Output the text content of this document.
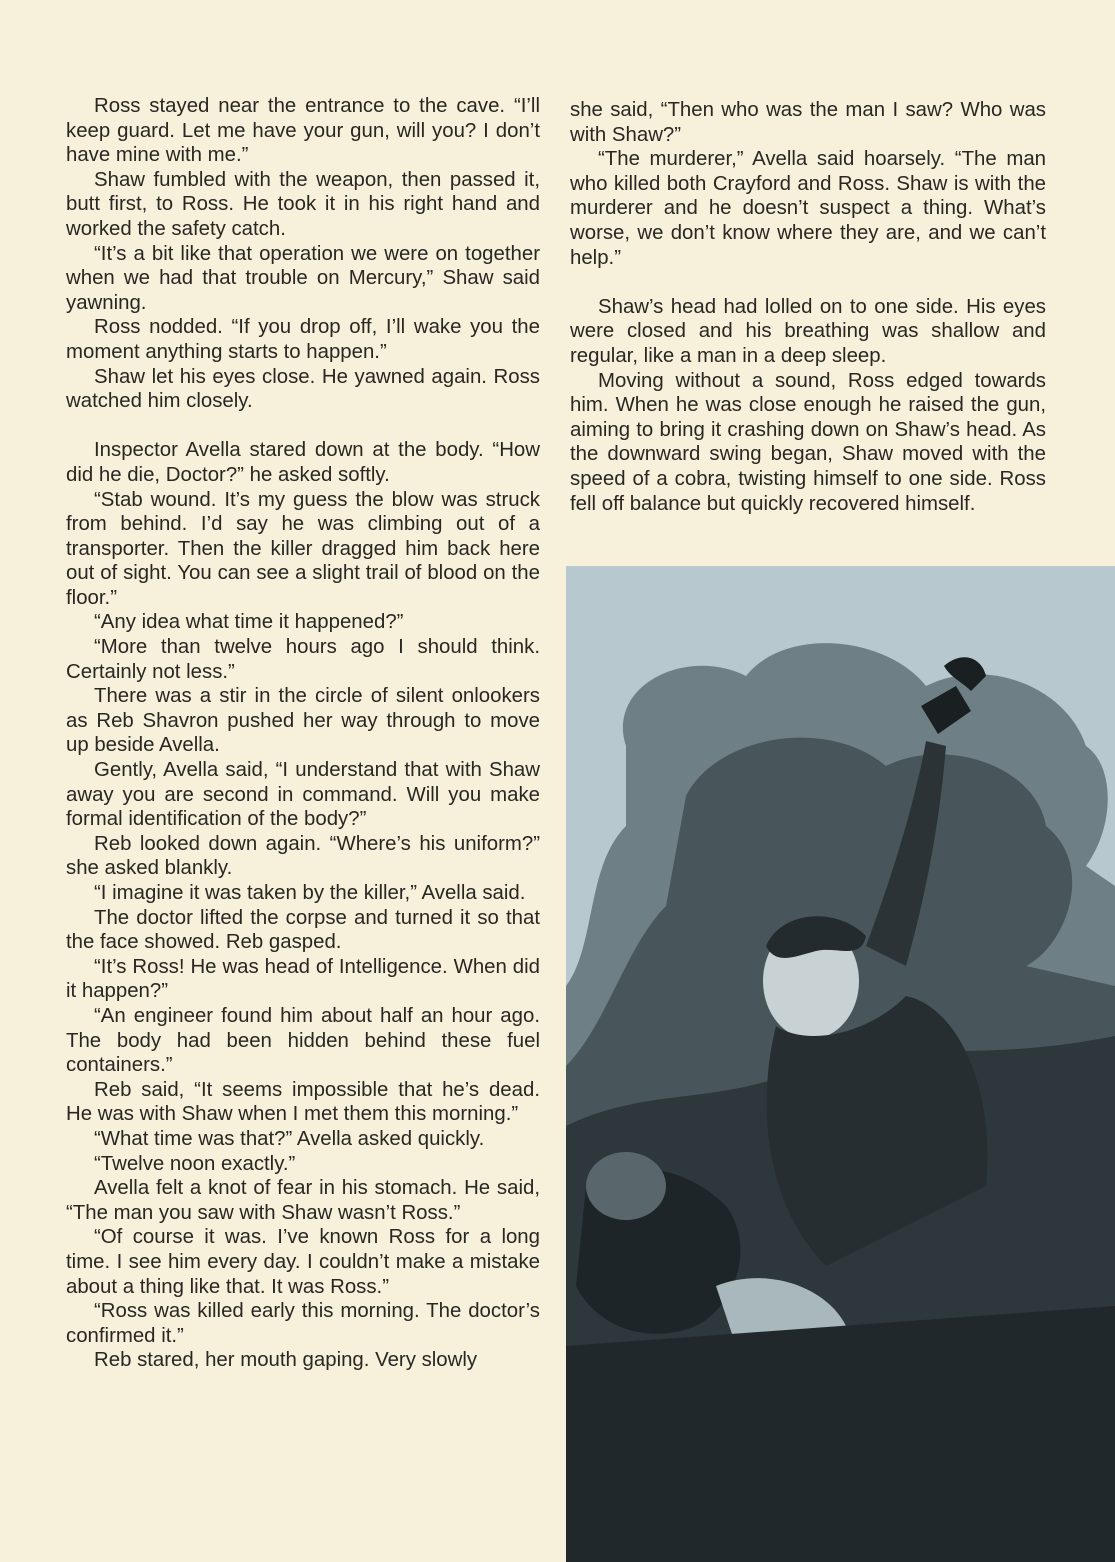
Ross stayed near the entrance to the cave. “I’ll keep guard. Let me have your gun, will you? I don’t have mine with me.”

Shaw fumbled with the weapon, then passed it, butt first, to Ross. He took it in his right hand and worked the safety catch.

“It’s a bit like that operation we were on together when we had that trouble on Mercury,” Shaw said yawning.

Ross nodded. “If you drop off, I’ll wake you the moment anything starts to happen.”

Shaw let his eyes close. He yawned again. Ross watched him closely.

Inspector Avella stared down at the body. “How did he die, Doctor?” he asked softly.

“Stab wound. It’s my guess the blow was struck from behind. I’d say he was climbing out of a transporter. Then the killer dragged him back here out of sight. You can see a slight trail of blood on the floor.”

“Any idea what time it happened?”

“More than twelve hours ago I should think. Certainly not less.”

There was a stir in the circle of silent onlookers as Reb Shavron pushed her way through to move up beside Avella.

Gently, Avella said, “I understand that with Shaw away you are second in command. Will you make formal identification of the body?”

Reb looked down again. “Where’s his uniform?” she asked blankly.

“I imagine it was taken by the killer,” Avella said.

The doctor lifted the corpse and turned it so that the face showed. Reb gasped.

“It’s Ross! He was head of Intelligence. When did it happen?”

“An engineer found him about half an hour ago. The body had been hidden behind these fuel containers.”

Reb said, “It seems impossible that he’s dead. He was with Shaw when I met them this morning.”

“What time was that?” Avella asked quickly.

“Twelve noon exactly.”

Avella felt a knot of fear in his stomach. He said, “The man you saw with Shaw wasn’t Ross.”

“Of course it was. I’ve known Ross for a long time. I see him every day. I couldn’t make a mistake about a thing like that. It was Ross.”

“Ross was killed early this morning. The doctor’s confirmed it.”

Reb stared, her mouth gaping. Very slowly

she said, “Then who was the man I saw? Who was with Shaw?”

“The murderer,” Avella said hoarsely. “The man who killed both Crayford and Ross. Shaw is with the murderer and he doesn’t suspect a thing. What’s worse, we don’t know where they are, and we can’t help.”

Shaw’s head had lolled on to one side. His eyes were closed and his breathing was shallow and regular, like a man in a deep sleep.

Moving without a sound, Ross edged towards him. When he was close enough he raised the gun, aiming to bring it crashing down on Shaw’s head. As the downward swing began, Shaw moved with the speed of a cobra, twisting himself to one side. Ross fell off balance but quickly recovered himself.
